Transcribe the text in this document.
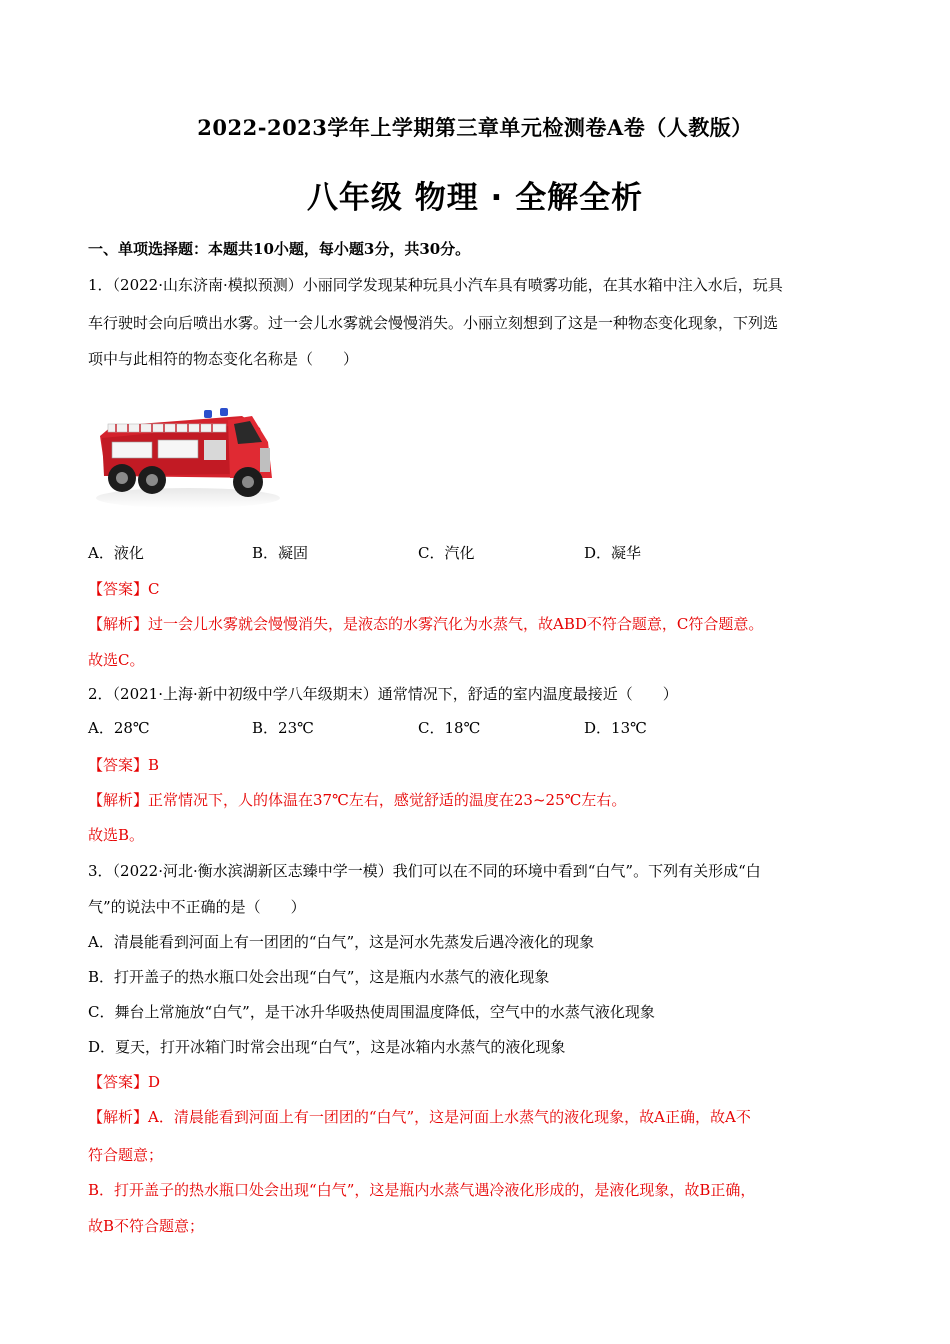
2022-2023学年上学期第三章单元检测卷A卷（人教版）
八年级 物理 · 全解全析
一、单项选择题：本题共10小题，每小题3分，共30分。
1．（2022·山东济南·模拟预测）小丽同学发现某种玩具小汽车具有喷雾功能，在其水箱中注入水后，玩具
车行驶时会向后喷出水雾。过一会儿水雾就会慢慢消失。小丽立刻想到了这是一种物态变化现象，下列选
项中与此相符的物态变化名称是（　　）
A．液化	B．凝固	C．汽化	D．凝华
【答案】C
【解析】过一会儿水雾就会慢慢消失，是液态的水雾汽化为水蒸气，故ABD不符合题意，C符合题意。
故选C。
2．（2021·上海·新中初级中学八年级期末）通常情况下，舒适的室内温度最接近（　　）
A．28℃	B．23℃	C．18℃	D．13℃
【答案】B
【解析】正常情况下，人的体温在37℃左右，感觉舒适的温度在23~25℃左右。
故选B。
3．（2022·河北·衡水滨湖新区志臻中学一模）我们可以在不同的环境中看到“白气”。下列有关形成“白
气”的说法中不正确的是（　　）
A．清晨能看到河面上有一团团的“白气”，这是河水先蒸发后遇冷液化的现象
B．打开盖子的热水瓶口处会出现“白气”，这是瓶内水蒸气的液化现象
C．舞台上常施放“白气”，是干冰升华吸热使周围温度降低，空气中的水蒸气液化现象
D．夏天，打开冰箱门时常会出现“白气”，这是冰箱内水蒸气的液化现象
【答案】D
【解析】A．清晨能看到河面上有一团团的“白气”，这是河面上水蒸气的液化现象，故A正确，故A不
符合题意；
B．打开盖子的热水瓶口处会出现“白气”，这是瓶内水蒸气遇冷液化形成的，是液化现象，故B正确，
故B不符合题意；
